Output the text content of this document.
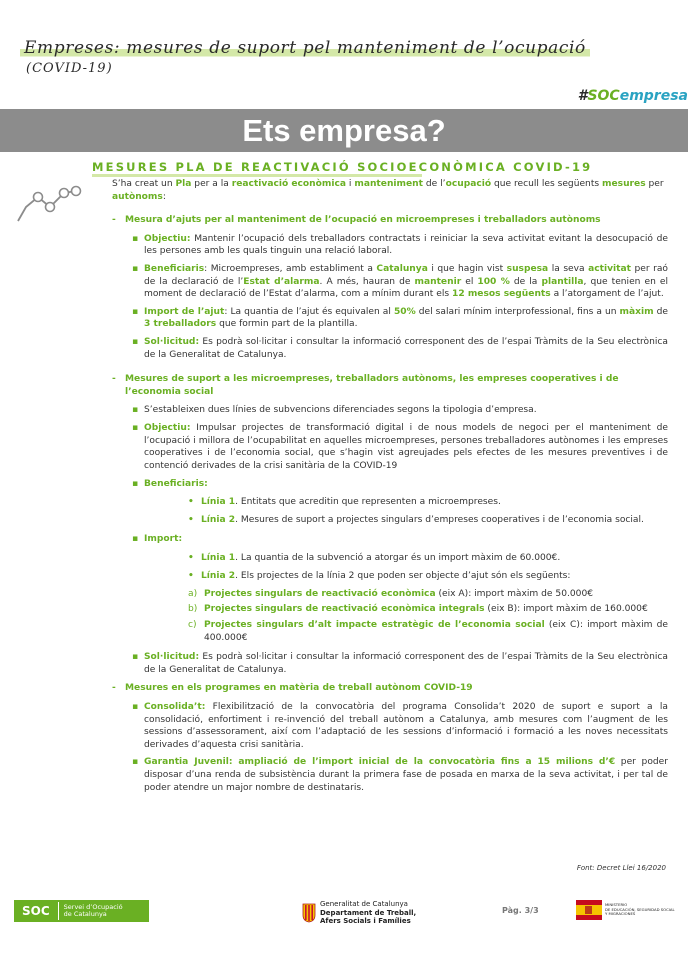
Empreses: mesures de suport pel manteniment de l’ocupació
(COVID-19)
#SOCempresa
Ets empresa?
MESURES PLA DE REACTIVACIÓ SOCIOECONÒMICA COVID-19

S’ha creat un Pla per a la reactivació econòmica i manteniment de l’ocupació que recull les següents mesures per autònoms:

-	Mesura d’ajuts per al manteniment de l’ocupació en microempreses i treballadors autònoms
▪ Objectiu: Mantenir l’ocupació dels treballadors contractats i reiniciar la seva activitat evitant la desocupació de les persones amb les quals tinguin una relació laboral.
▪ Beneficiaris: Microempreses, amb establiment a Catalunya i que hagin vist suspesa la seva activitat per raó de la declaració de l’Estat d’alarma. A més, hauran de mantenir el 100 % de la plantilla, que tenien en el moment de declaració de l’Estat d’alarma, com a mínim durant els 12 mesos següents a l’atorgament de l’ajut.
▪ Import de l’ajut: La quantia de l’ajut és equivalen al 50% del salari mínim interprofessional, fins a un màxim de 3 treballadors que formin part de la plantilla.
▪ Sol·licitud: Es podrà sol·licitar i consultar la informació corresponent des de l’espai Tràmits de la Seu electrònica de la Generalitat de Catalunya.
-	Mesures de suport a les microempreses, treballadors autònoms, les empreses cooperatives i de l’economia social
▪ S’estableixen dues línies de subvencions diferenciades segons la tipologia d’empresa.
▪ Objectiu: Impulsar projectes de transformació digital i de nous models de negoci per el manteniment de l’ocupació i millora de l’ocupabilitat en aquelles microempreses, persones treballadores autònomes i les empreses cooperatives i de l’economia social, que s’hagin vist agreujades pels efectes de les mesures preventives i de contenció derivades de la crisi sanitària de la COVID-19
▪ Beneficiaris:
• Línia 1. Entitats que acreditin que representen a microempreses.
• Línia 2. Mesures de suport a projectes singulars d’empreses cooperatives i de l’economia social.
▪ Import:
• Línia 1. La quantia de la subvenció a atorgar és un import màxim de 60.000€.
• Línia 2. Els projectes de la línia 2 que poden ser objecte d’ajut són els següents:
a) Projectes singulars de reactivació econòmica (eix A): import màxim de 50.000€
b) Projectes singulars de reactivació econòmica integrals (eix B): import màxim de 160.000€
c) Projectes singulars d’alt impacte estratègic de l’economia social (eix C): import màxim de 400.000€
▪ Sol·licitud: Es podrà sol·licitar i consultar la informació corresponent des de l’espai Tràmits de la Seu electrònica de la Generalitat de Catalunya.
-	Mesures en els programes en matèria de treball autònom COVID-19
▪ Consolida’t: Flexibilització de la convocatòria del programa Consolida’t 2020 de suport e suport a la consolidació, enfortiment i re-invenció del treball autònom a Catalunya, amb mesures com l’augment de les sessions d’assessorament, així com l’adaptació de les sessions d’informació i formació a les noves necessitats derivades d’aquesta crisi sanitària.
▪ Garantia Juvenil: ampliació de l’import inicial de la convocatòria fins a 15 milions d’€ per poder disposar d’una renda de subsistència durant la primera fase de posada en marxa de la seva activitat, i per tal de poder atendre un major nombre de destinataris.
Font: Decret Llei 16/2020
SOC	Servei d’Ocupació
de Catalunya
Generalitat de Catalunya
Departament de Treball,
Afers Socials i Famílies
Pàg. 3/3
MINISTERIO
DE EDUCACIÓN, SEGURIDAD SOCIAL
Y MIGRACIONES
